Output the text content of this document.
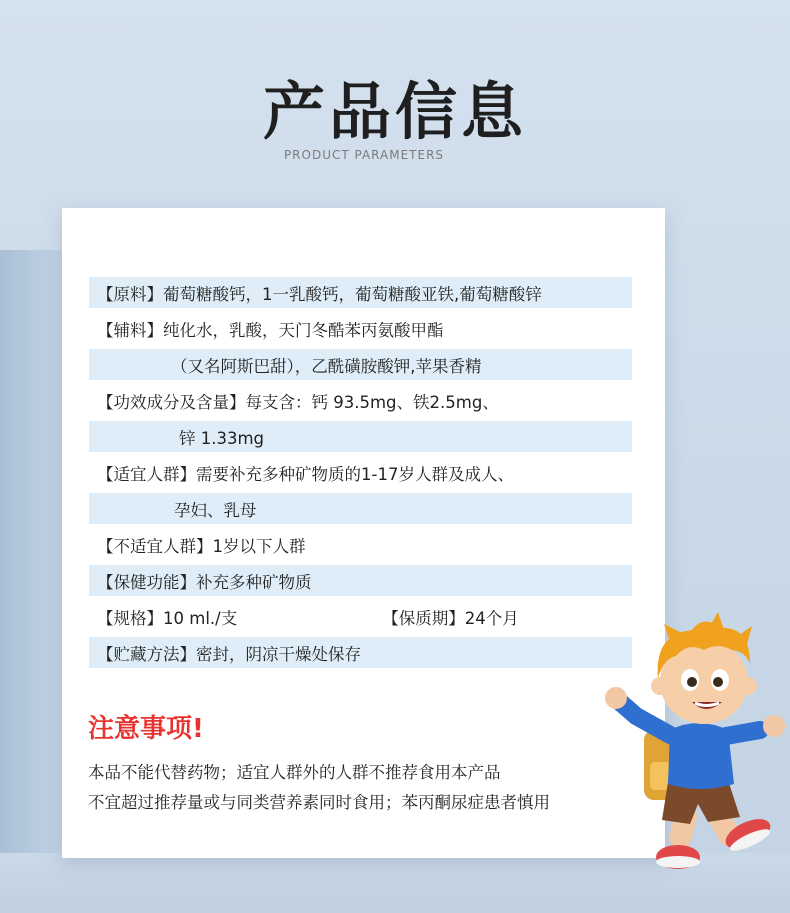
产品信息
PRODUCT PARAMETERS
【原料】葡萄糖酸钙，1一乳酸钙，葡萄糖酸亚铁,葡萄糖酸锌
【辅料】纯化水，乳酸，天门冬酷苯丙氨酸甲酯
（又名阿斯巴甜），乙酰磺胺酸钾,苹果香精
【功效成分及含量】每支含：钙 93.5mg、铁2.5mg、
锌 1.33mg
【适宜人群】需要补充多种矿物质的1-17岁人群及成人、
孕妇、乳母
【不适宜人群】1岁以下人群
【保健功能】补充多种矿物质
【规格】10 ml./支	【保质期】24个月
【贮藏方法】密封，阴凉干燥处保存
注意事项!
本品不能代替药物；适宜人群外的人群不推荐食用本产品
不宜超过推荐量或与同类营养素同时食用；苯丙酮尿症患者慎用
